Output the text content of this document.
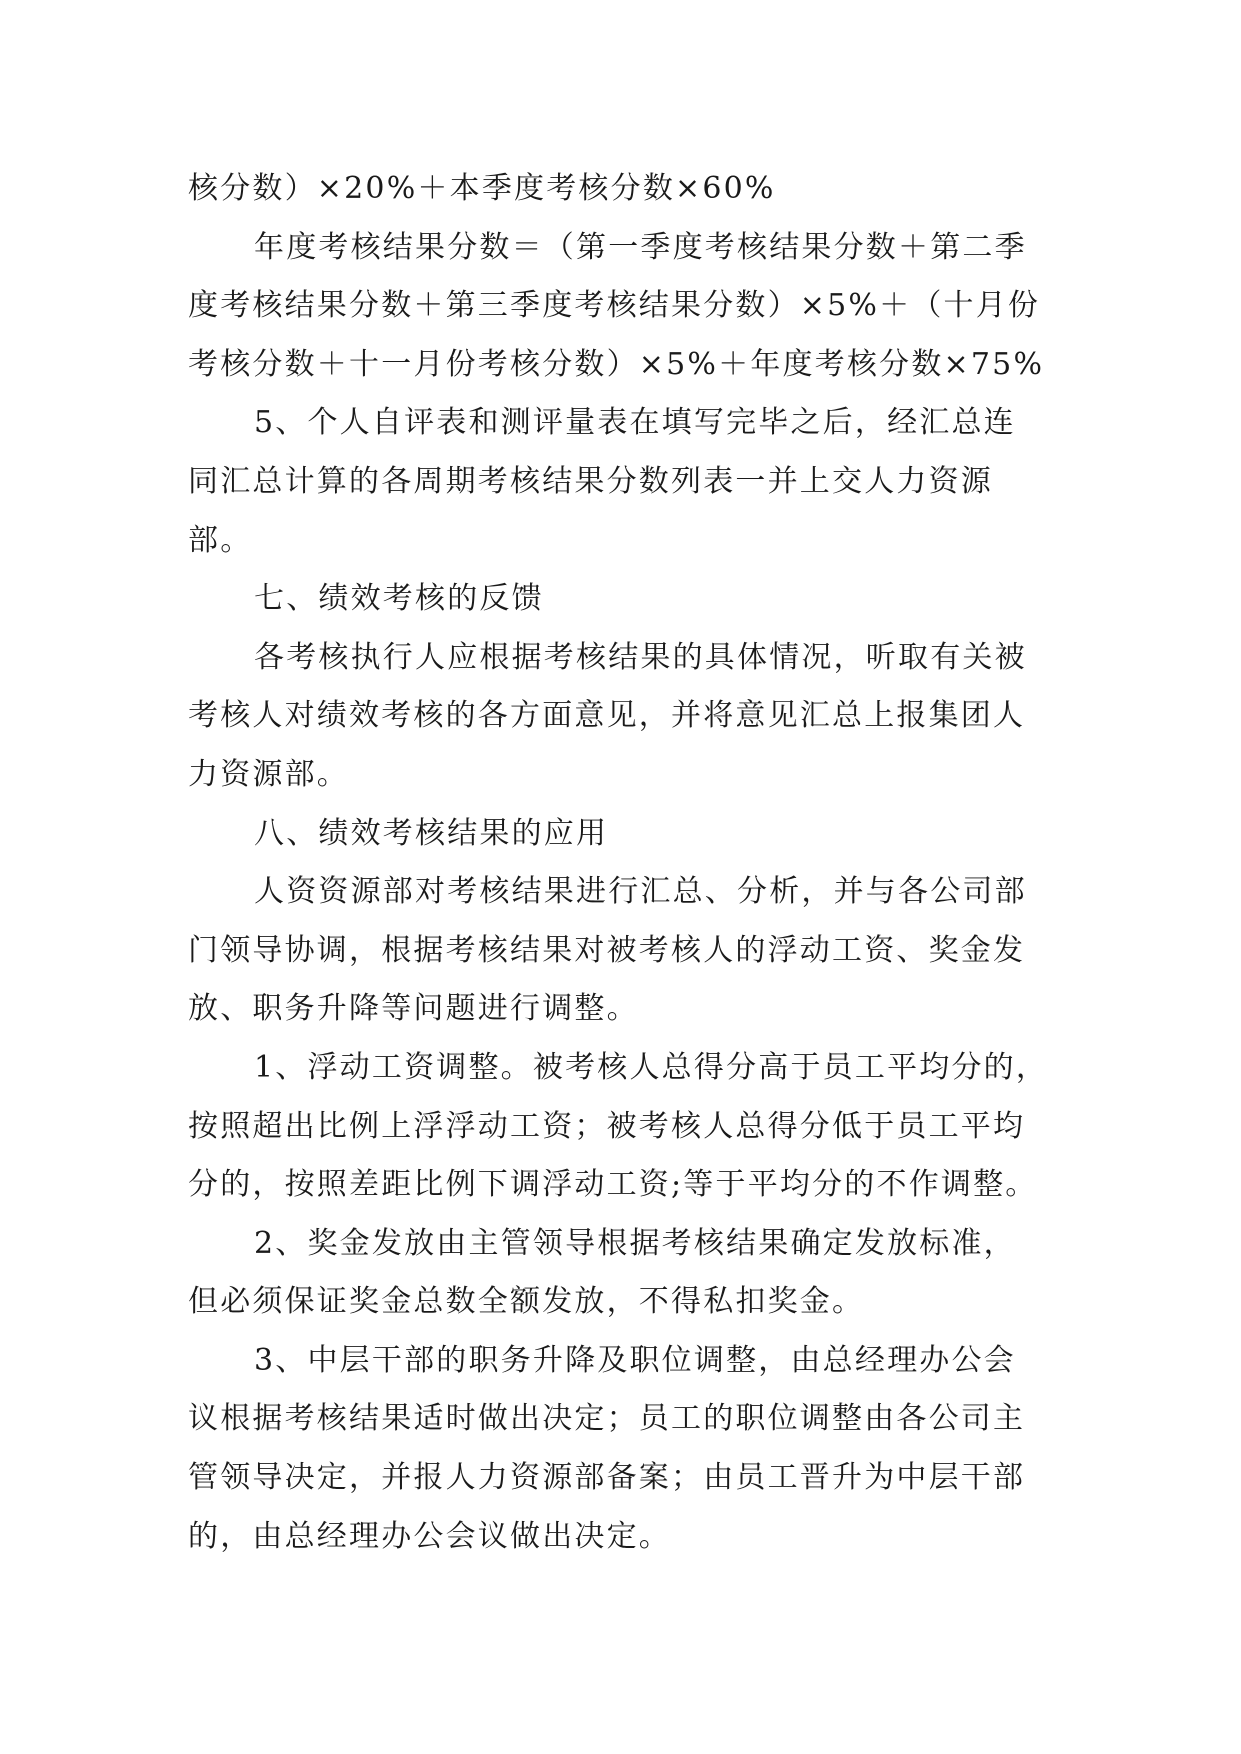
核分数）×20%＋本季度考核分数×60%
年度考核结果分数＝（第一季度考核结果分数＋第二季
度考核结果分数＋第三季度考核结果分数）×5%＋（十月份
考核分数＋十一月份考核分数）×5%＋年度考核分数×75%
5、个人自评表和测评量表在填写完毕之后，经汇总连
同汇总计算的各周期考核结果分数列表一并上交人力资源
部。
七、绩效考核的反馈
各考核执行人应根据考核结果的具体情况，听取有关被
考核人对绩效考核的各方面意见，并将意见汇总上报集团人
力资源部。
八、绩效考核结果的应用
人资资源部对考核结果进行汇总、分析，并与各公司部
门领导协调，根据考核结果对被考核人的浮动工资、奖金发
放、职务升降等问题进行调整。
1、浮动工资调整。被考核人总得分高于员工平均分的，
按照超出比例上浮浮动工资；被考核人总得分低于员工平均
分的，按照差距比例下调浮动工资;等于平均分的不作调整。
2、奖金发放由主管领导根据考核结果确定发放标准，
但必须保证奖金总数全额发放，不得私扣奖金。
3、中层干部的职务升降及职位调整，由总经理办公会
议根据考核结果适时做出决定；员工的职位调整由各公司主
管领导决定，并报人力资源部备案；由员工晋升为中层干部
的，由总经理办公会议做出决定。
